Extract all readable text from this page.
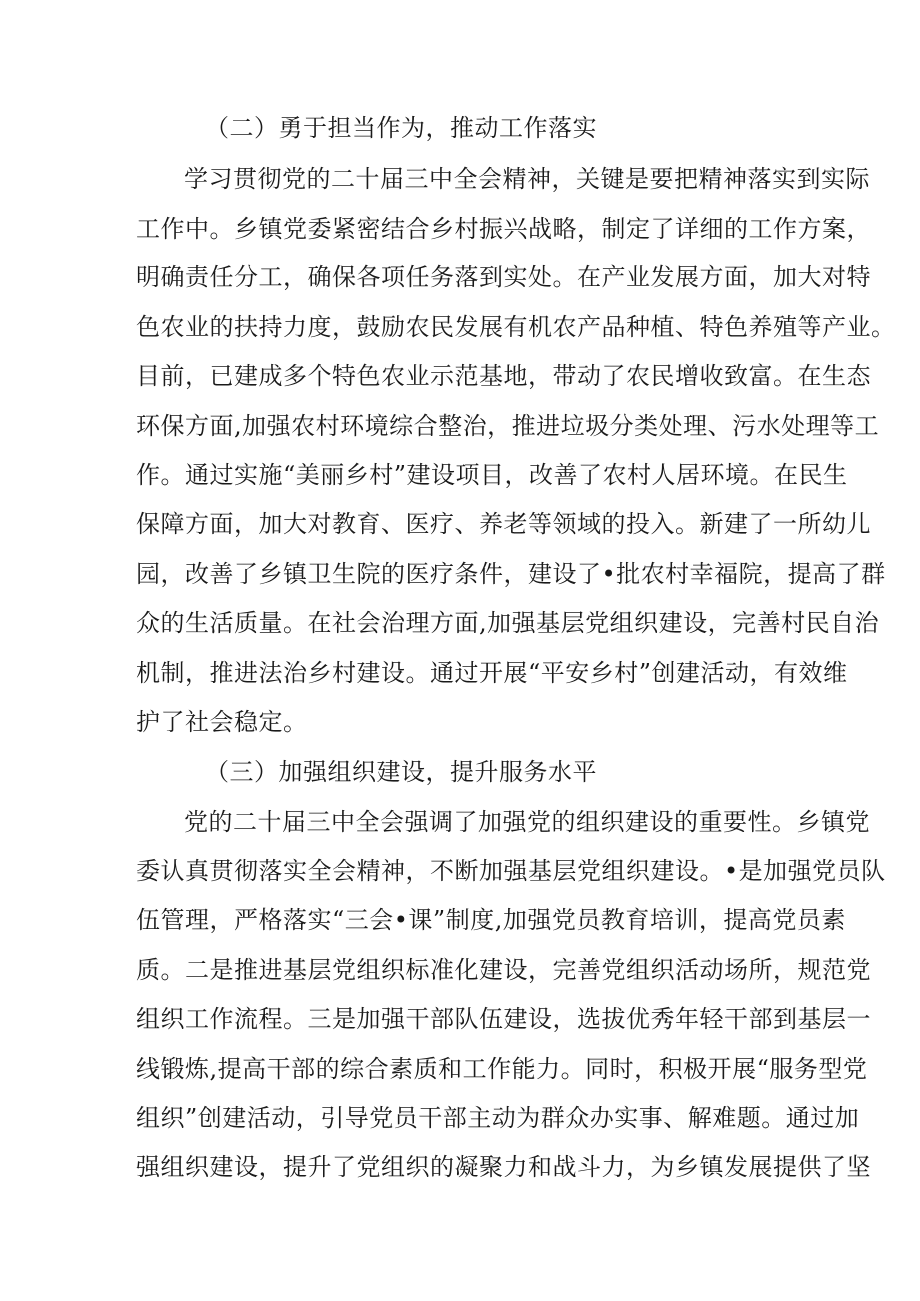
（二）勇于担当作为，推动工作落实
学习贯彻党的二十届三中全会精神，关键是要把精神落实到实际
工作中。乡镇党委紧密结合乡村振兴战略，制定了详细的工作方案，
明确责任分工，确保各项任务落到实处。在产业发展方面，加大对特
色农业的扶持力度，鼓励农民发展有机农产品种植、特色养殖等产业。
目前，已建成多个特色农业示范基地，带动了农民增收致富。在生态
环保方面,加强农村环境综合整治，推进垃圾分类处理、污水处理等工
作。通过实施“美丽乡村”建设项目，改善了农村人居环境。在民生
保障方面，加大对教育、医疗、养老等领域的投入。新建了一所幼儿
园，改善了乡镇卫生院的医疗条件，建设了•批农村幸福院，提高了群
众的生活质量。在社会治理方面,加强基层党组织建设，完善村民自治
机制，推进法治乡村建设。通过开展“平安乡村”创建活动，有效维
护了社会稳定。
（三）加强组织建设，提升服务水平
党的二十届三中全会强调了加强党的组织建设的重要性。乡镇党
委认真贯彻落实全会精神，不断加强基层党组织建设。•是加强党员队
伍管理，严格落实“三会•课”制度,加强党员教育培训，提高党员素
质。二是推进基层党组织标准化建设，完善党组织活动场所，规范党
组织工作流程。三是加强干部队伍建设，选拔优秀年轻干部到基层一
线锻炼,提高干部的综合素质和工作能力。同时，积极开展“服务型党
组织”创建活动，引导党员干部主动为群众办实事、解难题。通过加
强组织建设，提升了党组织的凝聚力和战斗力，为乡镇发展提供了坚
